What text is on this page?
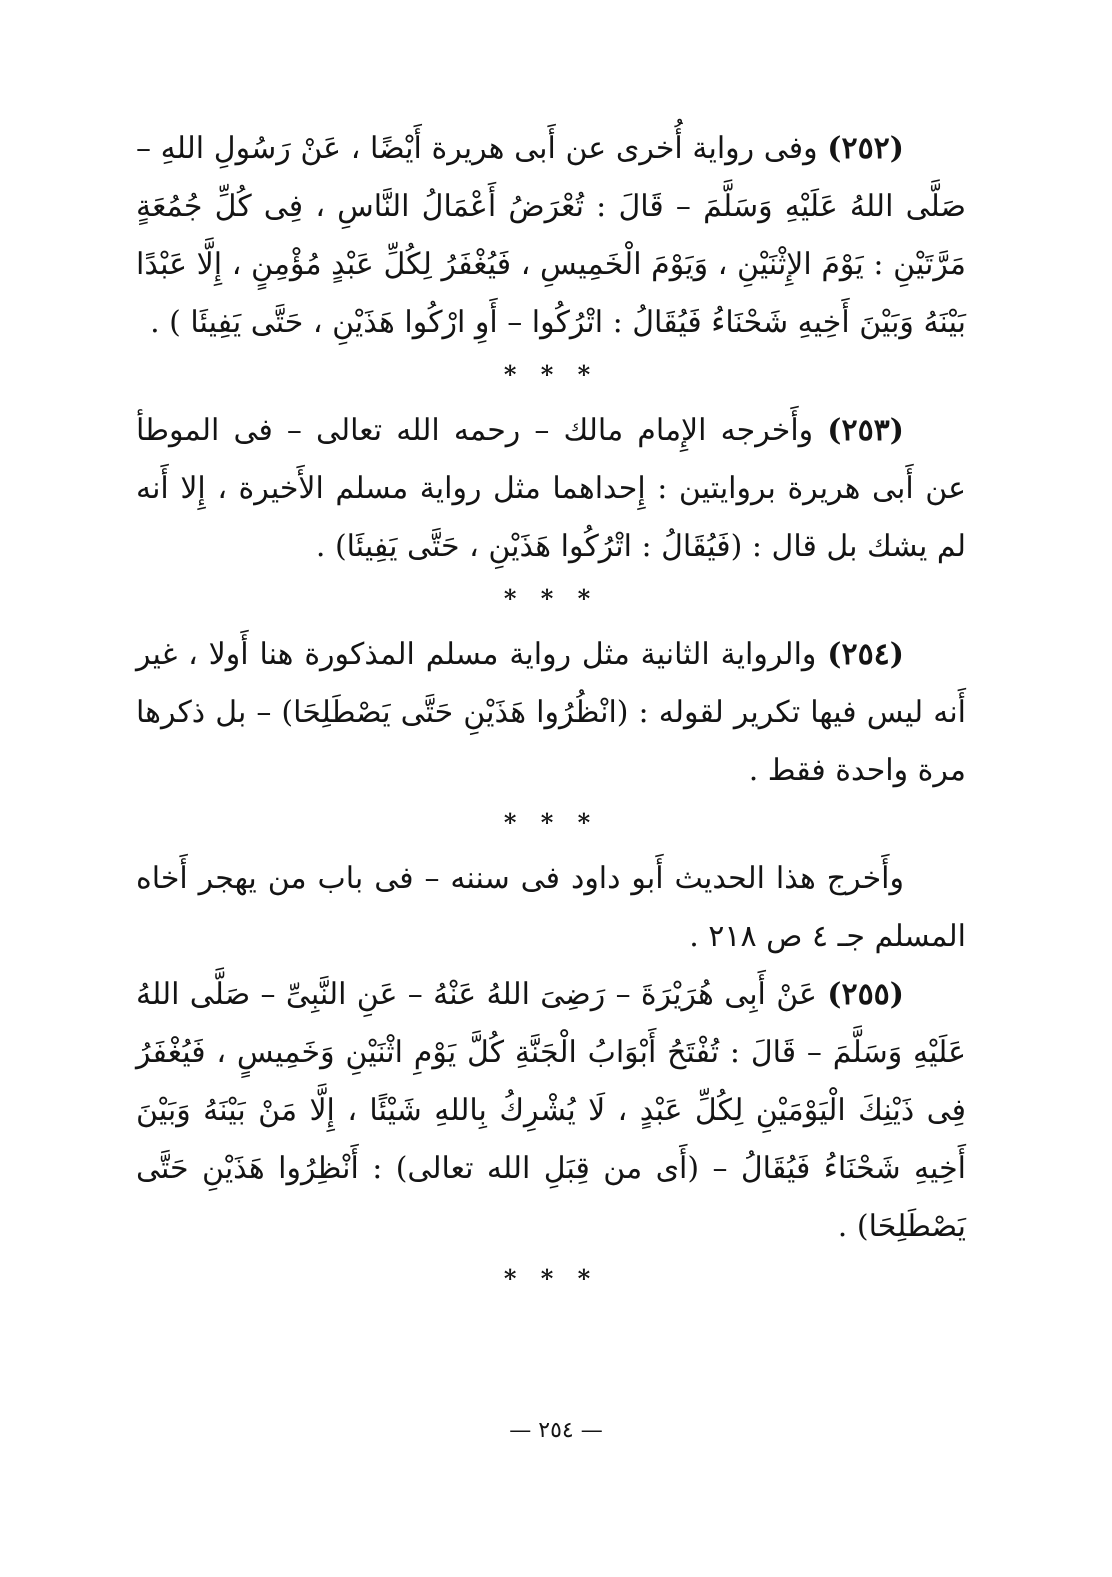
(٢٥٢) وفى رواية أُخرى عن أَبى هريرة أَيْضًا ، عَنْ رَسُولِ اللهِ – صَلَّى اللهُ عَلَيْهِ وَسَلَّمَ – قَالَ : تُعْرَضُ أَعْمَالُ النَّاسِ ، فِى كُلِّ جُمُعَةٍ مَرَّتَيْنِ : يَوْمَ الإِثْنَيْنِ ، وَيَوْمَ الْخَمِيسِ ، فَيُغْفَرُ لِكُلِّ عَبْدٍ مُؤْمِنٍ ، إِلَّا عَبْدًا بَيْنَهُ وَبَيْنَ أَخِيهِ شَحْنَاءُ فَيُقَالُ : اتْرُكُوا – أَوِ ارْكُوا هَذَيْنِ ، حَتَّى يَفِيئَا ) .

* * *

(٢٥٣) وأَخرجه الإِمام مالك – رحمه الله تعالى – فى الموطأ عن أَبى هريرة بروايتين : إِحداهما مثل رواية مسلم الأَخيرة ، إِلا أَنه لم يشك بل قال : (فَيُقَالُ : اتْرُكُوا هَذَيْنِ ، حَتَّى يَفِيئَا) .

* * *

(٢٥٤) والرواية الثانية مثل رواية مسلم المذكورة هنا أَولا ، غير أَنه ليس فيها تكرير لقوله : (انْظُرُوا هَذَيْنِ حَتَّى يَصْطَلِحَا) – بل ذكرها مرة واحدة فقط .

* * *

وأَخرج هذا الحديث أَبو داود فى سننه – فى باب من يهجر أَخاه المسلم جـ ٤ ص ٢١٨ .

(٢٥٥) عَنْ أَبِى هُرَيْرَةَ – رَضِىَ اللهُ عَنْهُ – عَنِ النَّبِىِّ – صَلَّى اللهُ عَلَيْهِ وَسَلَّمَ – قَالَ : تُفْتَحُ أَبْوَابُ الْجَنَّةِ كُلَّ يَوْمِ اثْنَيْنِ وَخَمِيسٍ ، فَيُغْفَرُ فِى ذَيْنِكَ الْيَوْمَيْنِ لِكُلِّ عَبْدٍ ، لَا يُشْرِكُ بِاللهِ شَيْئًا ، إِلَّا مَنْ بَيْنَهُ وَبَيْنَ أَخِيهِ شَحْنَاءُ فَيُقَالُ – (أَى من قِبَلِ الله تعالى) : أَنْظِرُوا هَذَيْنِ حَتَّى يَصْطَلِحَا) .

* * *
— ٢٥٤ —
